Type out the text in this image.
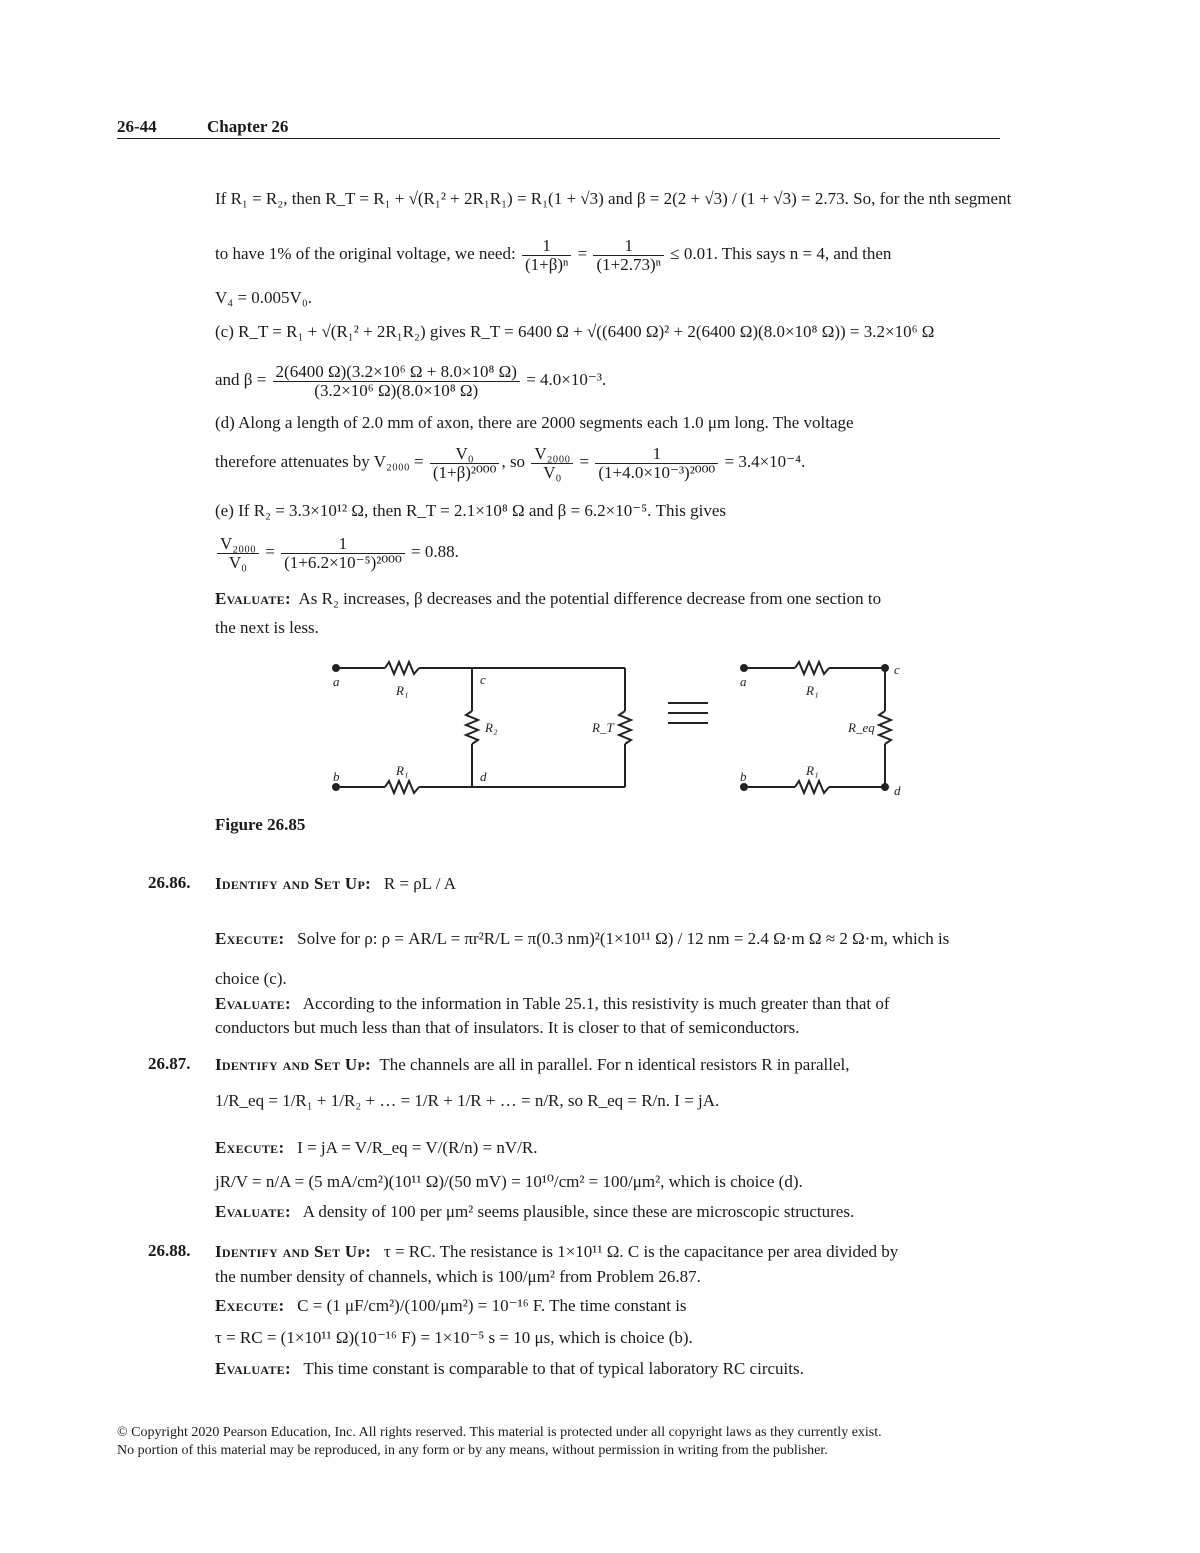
26-44	Chapter 26
If R₁ = R₂, then R_T = R₁ + √(R₁² + 2R₁R₁) = R₁(1 + √3) and β = 2(2 + √3) / (1 + √3) = 2.73. So, for the nth segment
to have 1% of the original voltage, we need: $\frac{1}{\text{(1+β)ⁿ}} = \frac{1}{\text{(1+2.73)ⁿ}} \le 0.01$. This says n = 4, and then
V₄ = 0.005V₀.
(c) R_T = R₁ + √(R₁² + 2R₁R₂) gives R_T = 6400 Ω + √((6400 Ω)² + 2(6400 Ω)(8.0×10⁸ Ω)) = 3.2×10⁶ Ω
and $\beta = \frac{\text{2(6400 Ω)(3.2×10⁶ Ω + 8.0×10⁸ Ω)}}{\text{(3.2×10⁶ Ω)(8.0×10⁸ Ω)}} = 4.0\times 10^{-3}$.
(d) Along a length of 2.0 mm of axon, there are 2000 segments each 1.0 μm long. The voltage
therefore attenuates by $V_{2000} = \frac{\text{V₀}}{\text{(1+β)²⁰⁰⁰}}$ , so $\frac{\text{V₂₀₀₀}}{\text{V₀}} = \frac{1}{\text{(1+4.0×10⁻³)²⁰⁰⁰}} = 3.4\times 10^{-4}$.
(e) If R₂ = 3.3×10¹² Ω, then R_T = 2.1×10⁸ Ω and β = 6.2×10⁻⁵. This gives
$\frac{\text{V₂₀₀₀}}{\text{V₀}} = \frac{1}{\text{(1+6.2×10⁻⁵)²⁰⁰⁰}} = 0.88$.
Evaluate: As R₂ increases, β decreases and the potential difference decrease from one section to
the next is less.
a
b
c
d
R₁
R₁
R₂	R_T
a
b
c
d
R₁
R₁
R_eq
Figure 26.85
26.86. Identify and Set Up: R = ρL / A
Execute: Solve for ρ: ρ = AR/L = πr²R/L = π(0.3 nm)²(1×10¹¹ Ω) / 12 nm = 2.4 Ω·m Ω ≈ 2 Ω·m, which is
choice (c).
Evaluate: According to the information in Table 25.1, this resistivity is much greater than that of
conductors but much less than that of insulators. It is closer to that of semiconductors.
26.87. Identify and Set Up: The channels are all in parallel. For n identical resistors R in parallel,
1/R_eq = 1/R₁ + 1/R₂ + … = 1/R + 1/R + … = n/R, so R_eq = R/n. I = jA.
Execute: I = jA = V/R_eq = V/(R/n) = nV/R.
jR/V = n/A = (5 mA/cm²)(10¹¹ Ω)/(50 mV) = 10¹⁰/cm² = 100/μm², which is choice (d).
Evaluate: A density of 100 per μm² seems plausible, since these are microscopic structures.
26.88. Identify and Set Up: τ = RC. The resistance is 1×10¹¹ Ω. C is the capacitance per area divided by
the number density of channels, which is 100/μm² from Problem 26.87.
Execute: C = (1 μF/cm²)/(100/μm²) = 10⁻¹⁶ F. The time constant is
τ = RC = (1×10¹¹ Ω)(10⁻¹⁶ F) = 1×10⁻⁵ s = 10 μs, which is choice (b).
Evaluate: This time constant is comparable to that of typical laboratory RC circuits.
© Copyright 2020 Pearson Education, Inc. All rights reserved. This material is protected under all copyright laws as they currently exist.
No portion of this material may be reproduced, in any form or by any means, without permission in writing from the publisher.
